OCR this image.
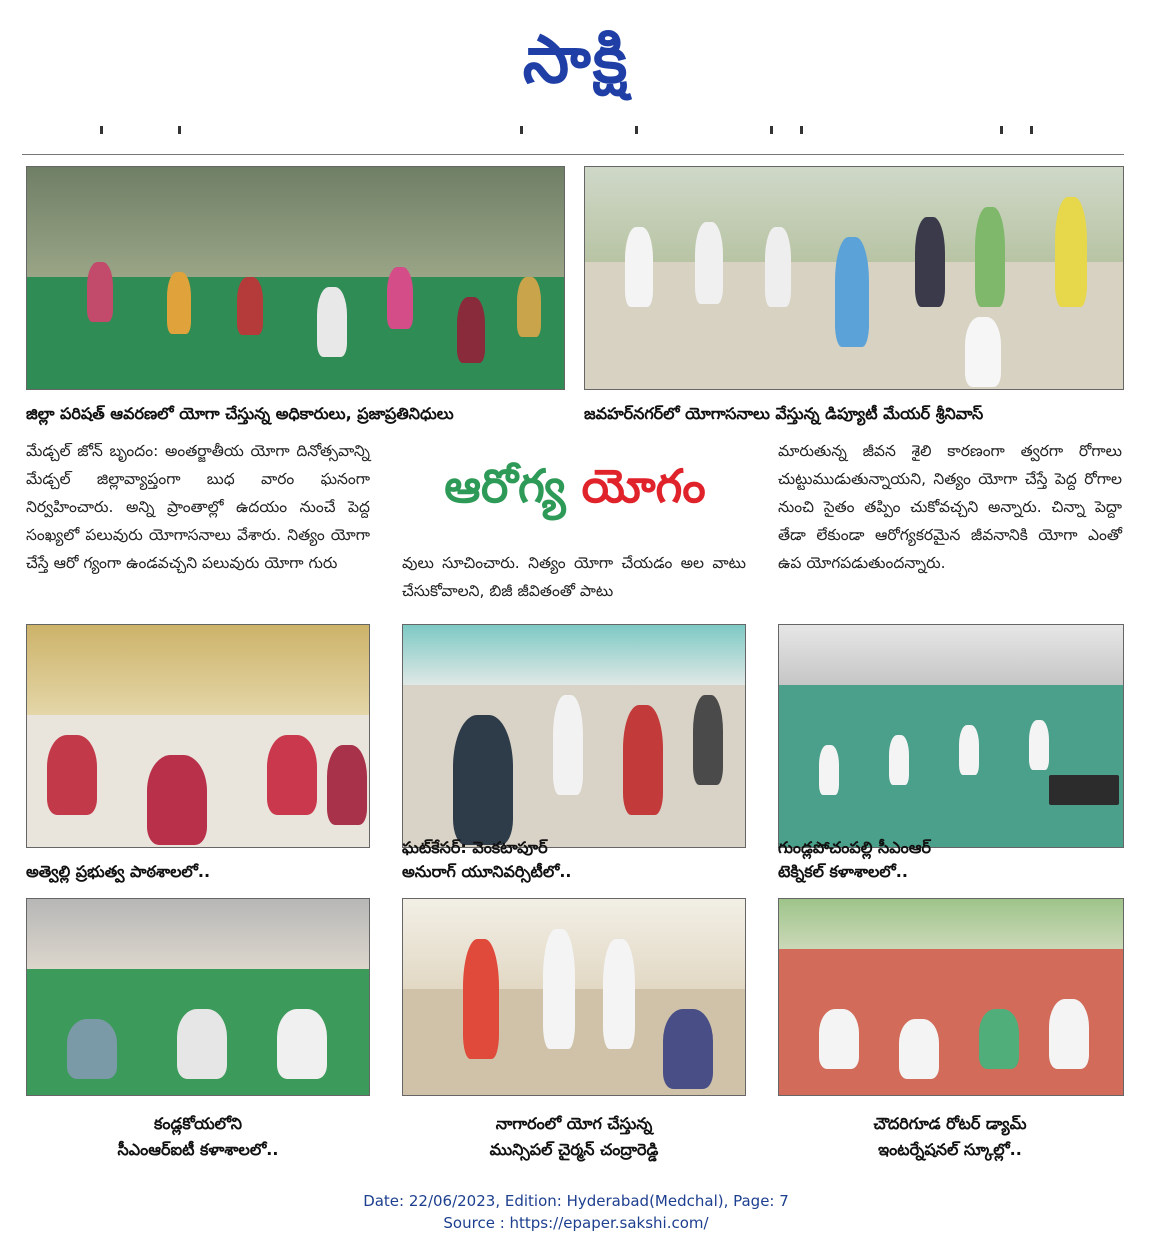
సాక్షి
జిల్లా పరిషత్ ఆవరణలో యోగా చేస్తున్న అధికారులు, ప్రజాప్రతినిధులు	జవహర్‌నగర్‌లో యోగాసనాలు వేస్తున్న డిప్యూటీ మేయర్ శ్రీనివాస్
మేడ్చల్ జోన్ బృందం: అంతర్జాతీయ యోగా దినోత్సవాన్ని మేడ్చల్ జిల్లావ్యాప్తంగా బుధ వారం ఘనంగా నిర్వహించారు. అన్ని ప్రాంతాల్లో ఉదయం నుంచే పెద్ద సంఖ్యలో పలువురు యోగాసనాలు వేశారు. నిత్యం యోగా చేస్తే ఆరో గ్యంగా ఉండవచ్చని పలువురు యోగా గురు
ఆరోగ్య యోగం
వులు సూచించారు. నిత్యం యోగా చేయడం అల వాటు చేసుకోవాలని, బిజీ జీవితంతో పాటు
మారుతున్న జీవన శైలి కారణంగా త్వరగా రోగాలు చుట్టుముడుతున్నాయని, నిత్యం యోగా చేస్తే పెద్ద రోగాల నుంచి సైతం తప్పిం చుకోవచ్చని అన్నారు. చిన్నా పెద్దా తేడా లేకుండా ఆరోగ్యకరమైన జీవనానికి యోగా ఎంతో ఉప యోగపడుతుందన్నారు.
అత్వెల్లి ప్రభుత్వ పాఠశాలలో..
ఘట్‌కేసర్: వెంకటాపూర్
అనురాగ్ యూనివర్సిటీలో..
గుండ్లపోచంపల్లి సీఎంఆర్
టెక్నికల్ కళాశాలలో..
కండ్లకోయలోని
సీఎంఆర్ఐటీ కళాశాలలో..
నాగారంలో యోగ చేస్తున్న
మున్సిపల్ చైర్మన్ చంద్రారెడ్డి
చౌదరిగూడ రోటర్ డ్యామ్
ఇంటర్నేషనల్ స్కూల్లో..
Date: 22/06/2023, Edition: Hyderabad(Medchal), Page: 7
Source : https://epaper.sakshi.com/
